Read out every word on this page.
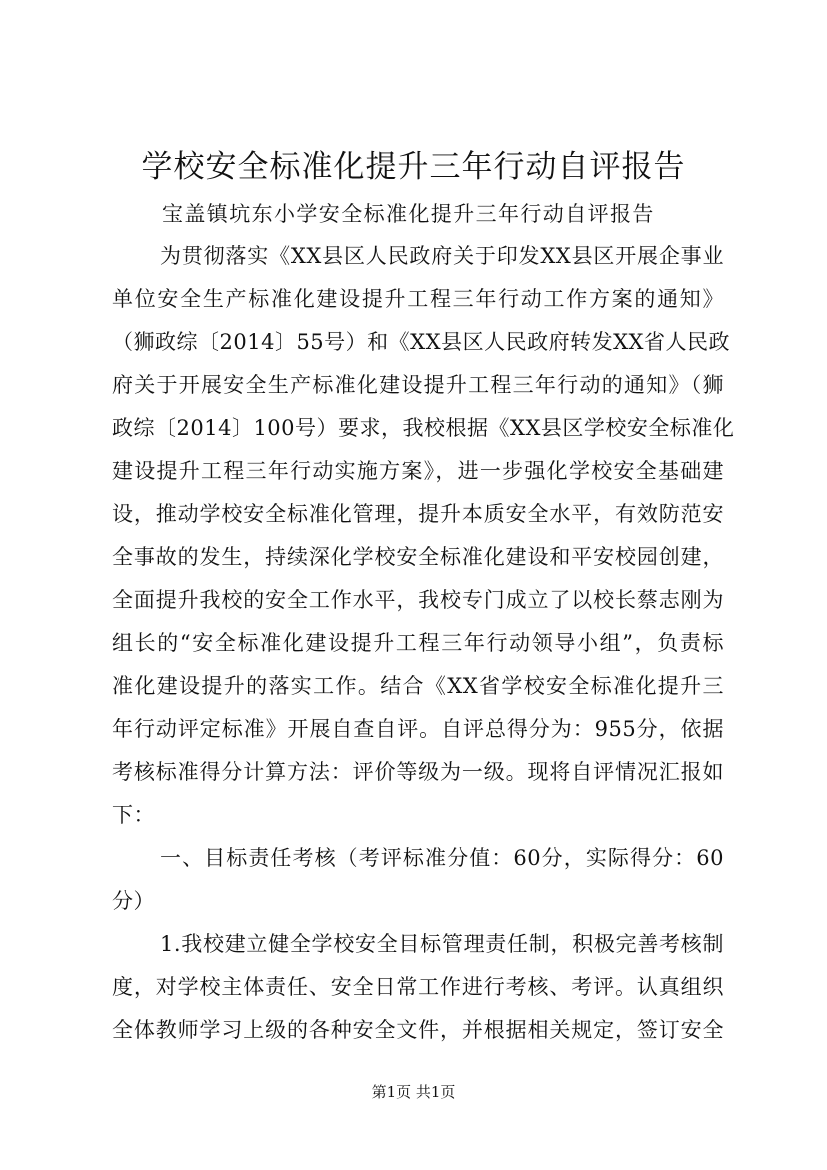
学校安全标准化提升三年行动自评报告
宝盖镇坑东小学安全标准化提升三年行动自评报告
为贯彻落实《XX县区人民政府关于印发XX县区开展企事业
单位安全生产标准化建设提升工程三年行动工作方案的通知》
（狮政综〔2014〕55号）和《XX县区人民政府转发XX省人民政
府关于开展安全生产标准化建设提升工程三年行动的通知》（狮
政综〔2014〕100号）要求，我校根据《XX县区学校安全标准化
建设提升工程三年行动实施方案》，进一步强化学校安全基础建
设，推动学校安全标准化管理，提升本质安全水平，有效防范安
全事故的发生，持续深化学校安全标准化建设和平安校园创建，
全面提升我校的安全工作水平，我校专门成立了以校长蔡志刚为
组长的“安全标准化建设提升工程三年行动领导小组”，负责标
准化建设提升的落实工作。结合《XX省学校安全标准化提升三
年行动评定标准》开展自查自评。自评总得分为：955分，依据
考核标准得分计算方法：评价等级为一级。现将自评情况汇报如
下：
一、目标责任考核（考评标准分值：60分，实际得分：60
分）
1.我校建立健全学校安全目标管理责任制，积极完善考核制
度，对学校主体责任、安全日常工作进行考核、考评。认真组织
全体教师学习上级的各种安全文件，并根据相关规定，签订安全
第1页 共1页
